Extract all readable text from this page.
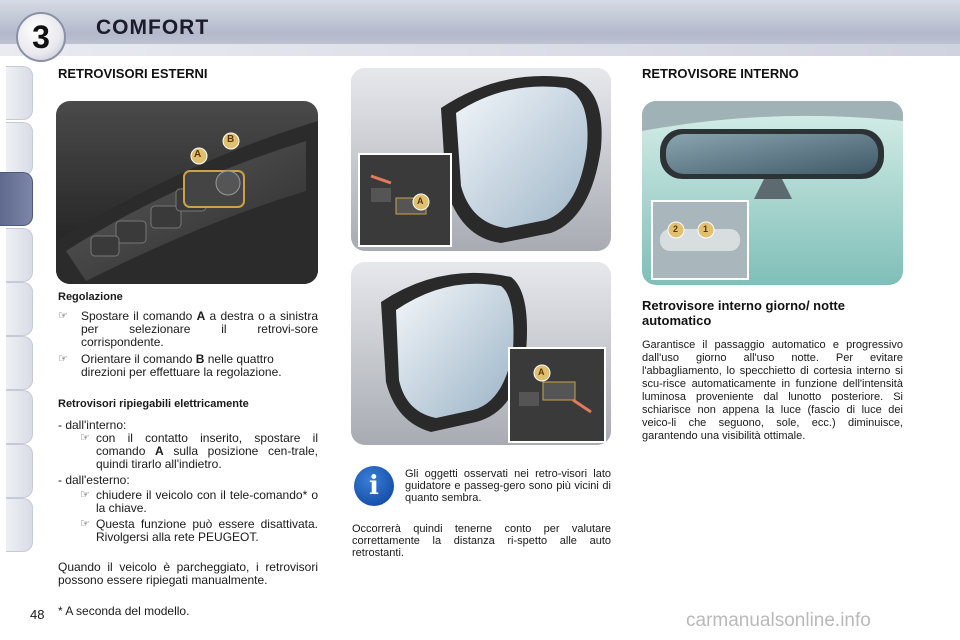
3	COMFORT
RETROVISORI ESTERNI
A
B
Regolazione
☞ Spostare il comando A a destra o a sinistra per selezionare il retrovi-sore corrispondente.
☞ Orientare il comando B nelle quattro direzioni per effettuare la regolazione.
Retrovisori ripiegabili elettricamente
- dall'interno:
☞ con il contatto inserito, spostare il comando A sulla posizione cen-trale, quindi tirarlo all'indietro.
- dall'esterno:
☞ chiudere il veicolo con il tele-comando* o la chiave.
☞ Questa funzione può essere disattivata. Rivolgersi alla rete PEUGEOT.
Quando il veicolo è parcheggiato, i retrovisori possono essere ripiegati manualmente.
48 * A seconda del modello.
A
A
i	Gli oggetti osservati nei retro-visori lato guidatore e passeg-gero sono più vicini di quanto sembra.
Occorrerà quindi tenerne conto per valutare correttamente la distanza ri-spetto alle auto retrostanti.
RETROVISORE INTERNO
2	1
Retrovisore interno giorno/ notte automatico
Garantisce il passaggio automatico e progressivo dall'uso giorno all'uso notte. Per evitare l'abbagliamento, lo specchietto di cortesia interno si scu-risce automaticamente in funzione dell'intensità luminosa proveniente dal lunotto posteriore. Si schiarisce non appena la luce (fascio di luce dei veico-li che seguono, sole, ecc.) diminuisce, garantendo una visibilità ottimale.
carmanualsonline.info
